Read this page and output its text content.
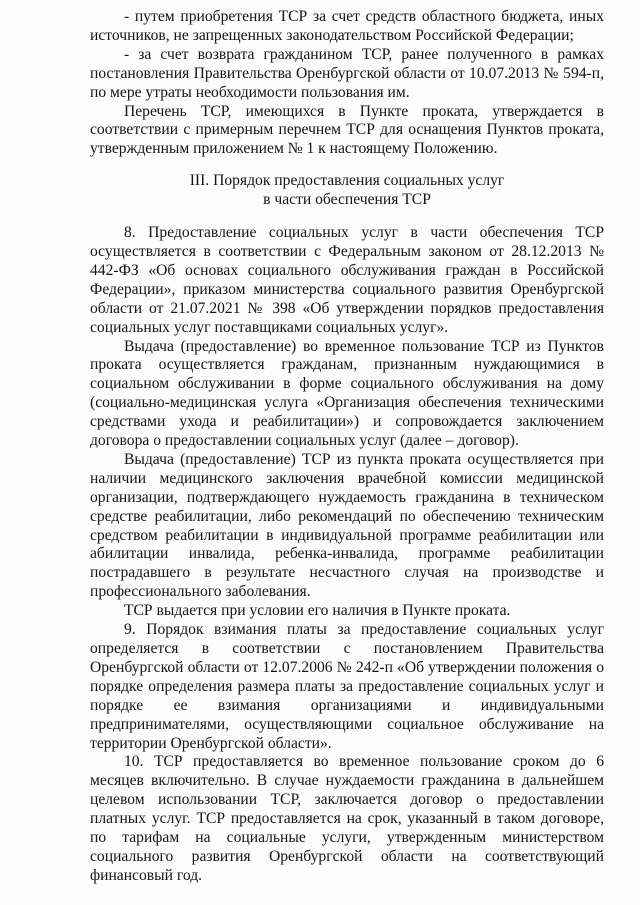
- путем приобретения ТСР за счет средств областного бюджета, иных источников, не запрещенных законодательством Российской Федерации;

- за счет возврата гражданином ТСР, ранее полученного в рамках постановления Правительства Оренбургской области от 10.07.2013 № 594-п, по мере утраты необходимости пользования им.

Перечень ТСР, имеющихся в Пункте проката, утверждается в соответствии с примерным перечнем ТСР для оснащения Пунктов проката, утвержденным приложением № 1 к настоящему Положению.

III. Порядок предоставления социальных услуг
в части обеспечения ТСР

8. Предоставление социальных услуг в части обеспечения ТСР осуществляется в соответствии с Федеральным законом от 28.12.2013 № 442-ФЗ «Об основах социального обслуживания граждан в Российской Федерации», приказом министерства социального развития Оренбургской области от 21.07.2021 № 398 «Об утверждении порядков предоставления социальных услуг поставщиками социальных услуг».

Выдача (предоставление) во временное пользование ТСР из Пунктов проката осуществляется гражданам, признанным нуждающимися в социальном обслуживании в форме социального обслуживания на дому (социально-медицинская услуга «Организация обеспечения техническими средствами ухода и реабилитации») и сопровождается заключением договора о предоставлении социальных услуг (далее – договор).

Выдача (предоставление) ТСР из пункта проката осуществляется при наличии медицинского заключения врачебной комиссии медицинской организации, подтверждающего нуждаемость гражданина в техническом средстве реабилитации, либо рекомендаций по обеспечению техническим средством реабилитации в индивидуальной программе реабилитации или абилитации инвалида, ребенка-инвалида, программе реабилитации пострадавшего в результате несчастного случая на производстве и профессионального заболевания.

ТСР выдается при условии его наличия в Пункте проката.

9. Порядок взимания платы за предоставление социальных услуг определяется в соответствии с постановлением Правительства Оренбургской области от 12.07.2006 № 242-п «Об утверждении положения о порядке определения размера платы за предоставление социальных услуг и порядке ее взимания организациями и индивидуальными предпринимателями, осуществляющими социальное обслуживание на территории Оренбургской области».

10. ТСР предоставляется во временное пользование сроком до 6 месяцев включительно. В случае нуждаемости гражданина в дальнейшем целевом использовании ТСР, заключается договор о предоставлении платных услуг. ТСР предоставляется на срок, указанный в таком договоре, по тарифам на социальные услуги, утвержденным министерством социального развития Оренбургской области на соответствующий финансовый год.
